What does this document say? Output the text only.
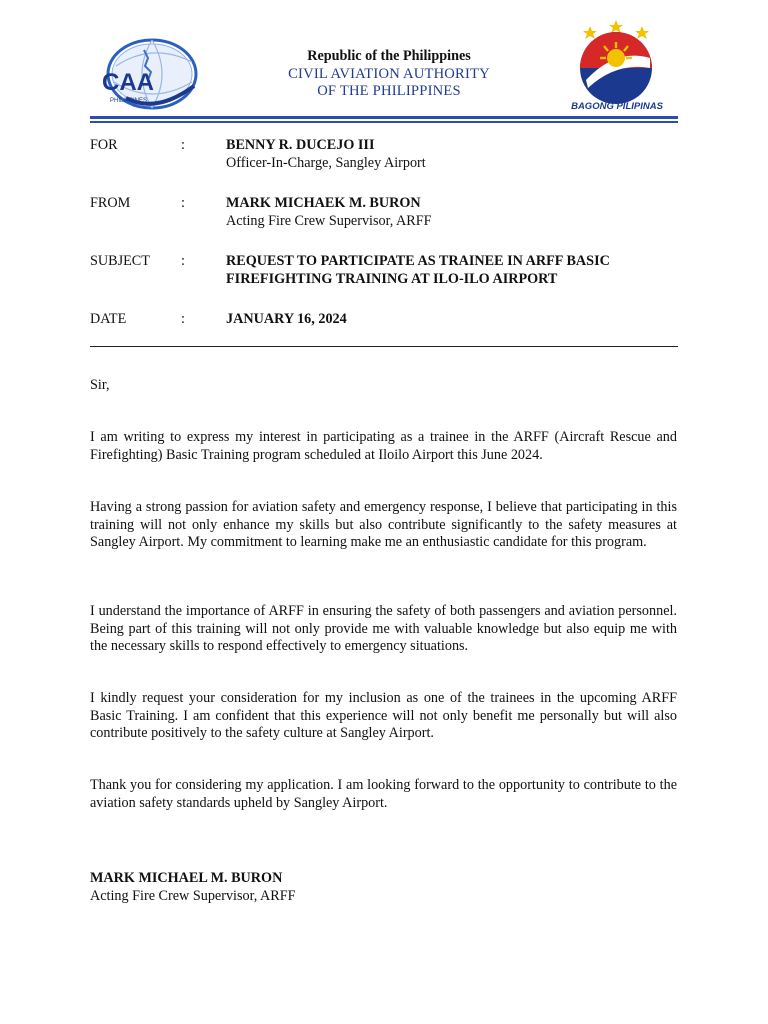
CAA
PHILIPPINES
Republic of the Philippines
CIVIL AVIATION AUTHORITY
OF THE PHILIPPINES
BAGONG PILIPINAS
FOR	:	BENNY R. DUCEJO III
Officer-In-Charge, Sangley Airport
FROM	:	MARK MICHAEK M. BURON
Acting Fire Crew Supervisor, ARFF
SUBJECT :	REQUEST TO PARTICIPATE AS TRAINEE IN ARFF BASIC
FIREFIGHTING TRAINING AT ILO-ILO AIRPORT
DATE	:	JANUARY 16, 2024
Sir,
I am writing to express my interest in participating as a trainee in the ARFF (Aircraft Rescue and Firefighting) Basic Training program scheduled at Iloilo Airport this June 2024.
Having a strong passion for aviation safety and emergency response, I believe that participating in this training will not only enhance my skills but also contribute significantly to the safety measures at Sangley Airport. My commitment to learning make me an enthusiastic candidate for this program.
I understand the importance of ARFF in ensuring the safety of both passengers and aviation personnel. Being part of this training will not only provide me with valuable knowledge but also equip me with the necessary skills to respond effectively to emergency situations.
I kindly request your consideration for my inclusion as one of the trainees in the upcoming ARFF Basic Training. I am confident that this experience will not only benefit me personally but will also contribute positively to the safety culture at Sangley Airport.
Thank you for considering my application. I am looking forward to the opportunity to contribute to the aviation safety standards upheld by Sangley Airport.
MARK MICHAEL M. BURON
Acting Fire Crew Supervisor, ARFF
